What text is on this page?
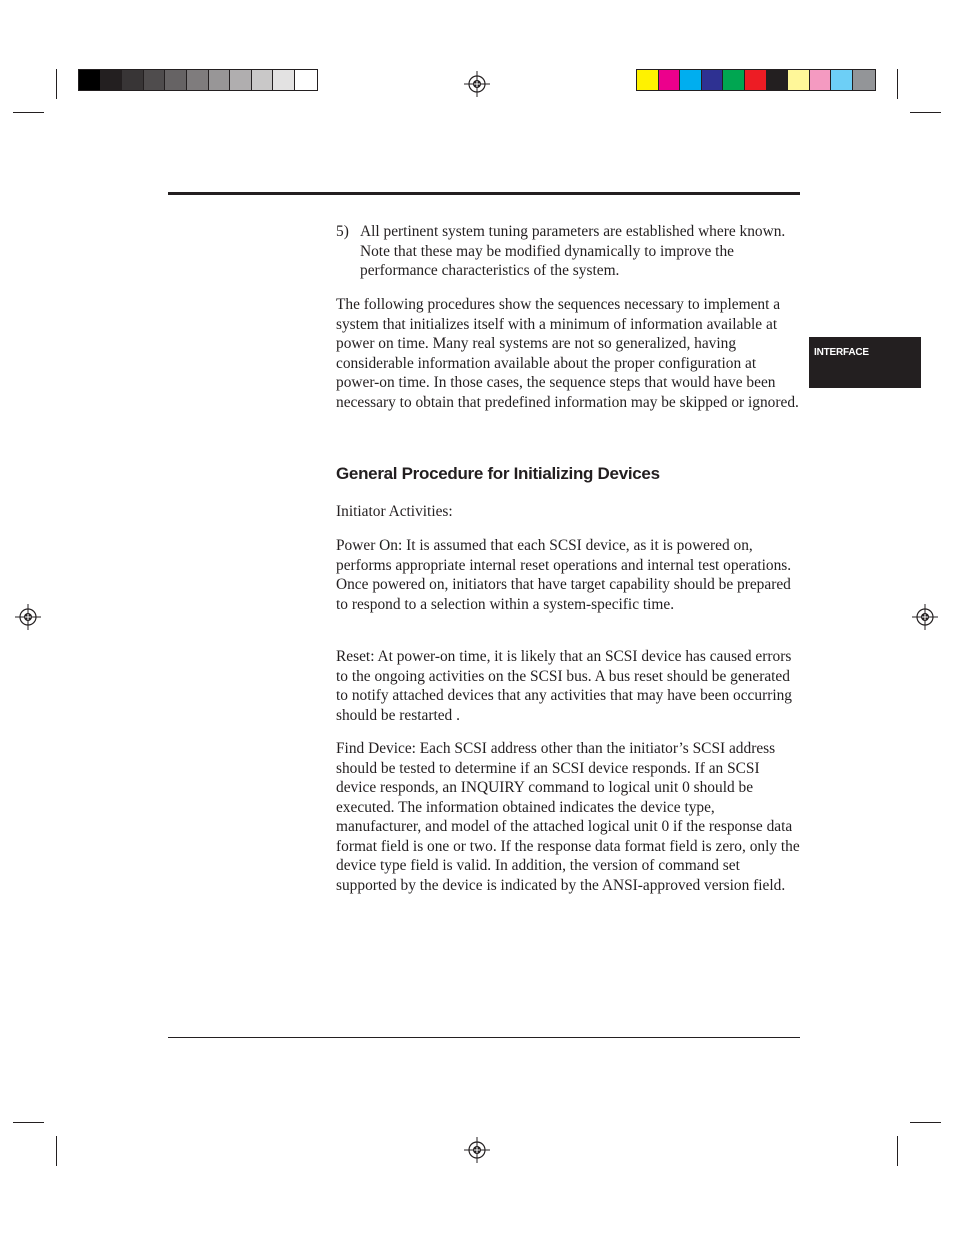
INTERFACE
5) All pertinent system tuning parameters are established where known. Note that these may be modified dynamically to improve the performance characteristics of the system.

The following procedures show the sequences necessary to implement a system that initializes itself with a minimum of information available at power on time. Many real systems are not so generalized, having considerable information available about the proper configuration at power-on time. In those cases, the sequence steps that would have been necessary to obtain that predefined information may be skipped or ignored.

General Procedure for Initializing Devices

Initiator Activities:

Power On: It is assumed that each SCSI device, as it is powered on, performs appropriate internal reset operations and internal test operations. Once powered on, initiators that have target capability should be prepared to respond to a selection within a system-specific time.

Reset: At power-on time, it is likely that an SCSI device has caused errors to the ongoing activities on the SCSI bus. A bus reset should be generated to notify attached devices that any activities that may have been occurring should be restarted .

Find Device: Each SCSI address other than the initiator’s SCSI address should be tested to determine if an SCSI device responds. If an SCSI device responds, an INQUIRY command to logical unit 0 should be executed. The information obtained indicates the device type, manufacturer, and model of the attached logical unit 0 if the response data format field is one or two. If the response data format field is zero, only the device type field is valid. In addition, the version of command set supported by the device is indicated by the ANSI-approved version field.
